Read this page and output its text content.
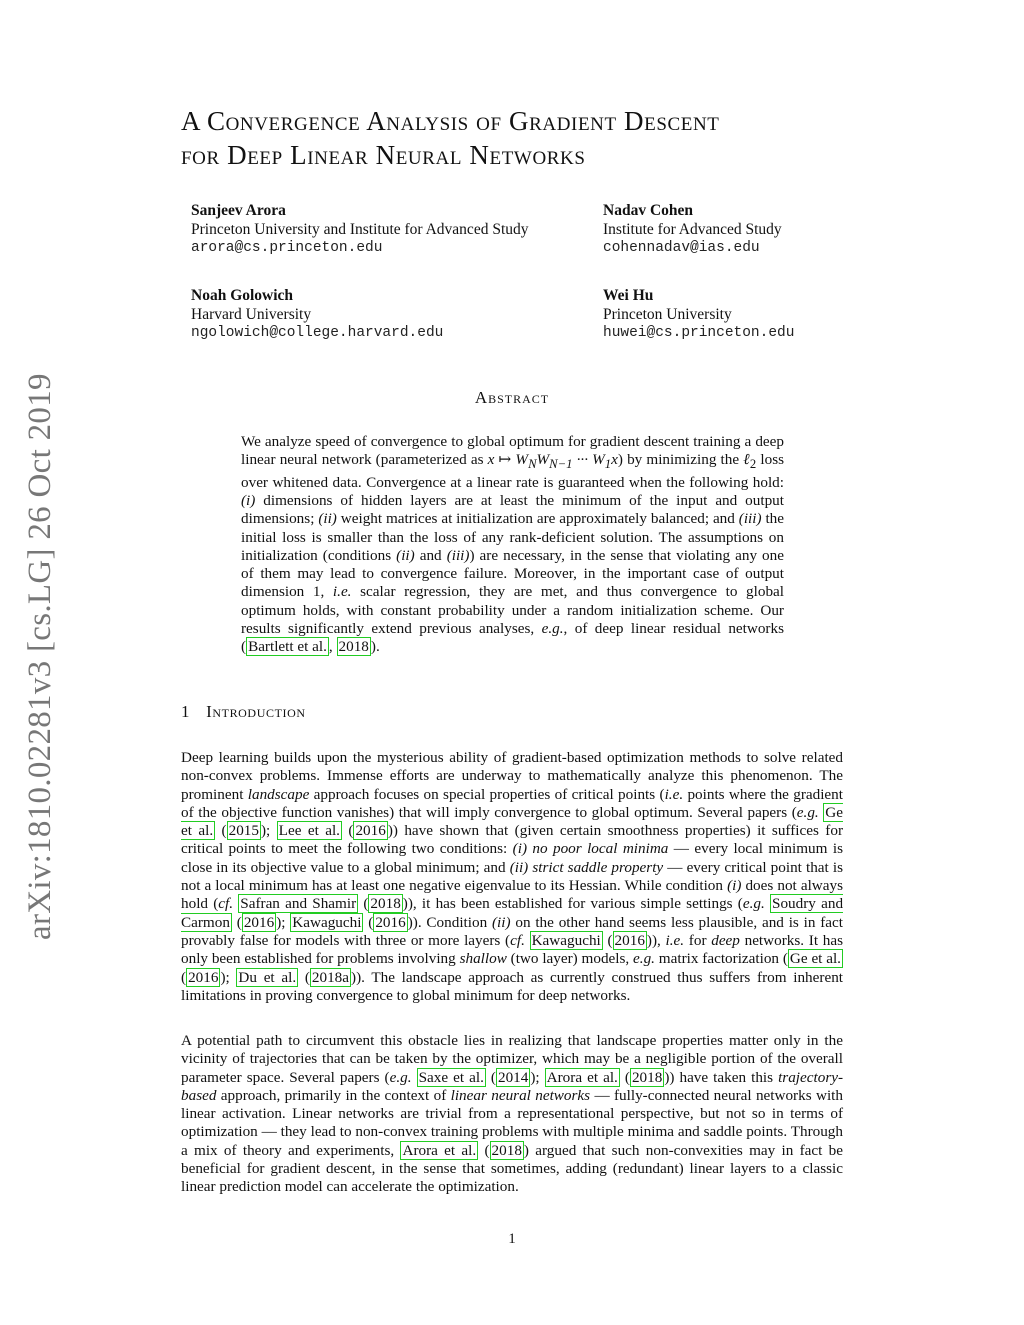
arXiv:1810.02281v3 [cs.LG] 26 Oct 2019
A Convergence Analysis of Gradient Descent
for Deep Linear Neural Networks
Sanjeev Arora
Princeton University and Institute for Advanced Study
arora@cs.princeton.edu
Nadav Cohen
Institute for Advanced Study
cohennadav@ias.edu
Noah Golowich
Harvard University
ngolowich@college.harvard.edu
Wei Hu
Princeton University
huwei@cs.princeton.edu
Abstract

We analyze speed of convergence to global optimum for gradient descent training a deep linear neural network (parameterized as x ↦ $W_NW_{N-1}$ ··· $W_1x$) by minimizing the ℓ$_2$ loss over whitened data. Convergence at a linear rate is guaranteed when the following hold: (i) dimensions of hidden layers are at least the minimum of the input and output dimensions; (ii) weight matrices at initialization are approximately balanced; and (iii) the initial loss is smaller than the loss of any rank-deficient solution. The assumptions on initialization (conditions (ii) and (iii)) are necessary, in the sense that violating any one of them may lead to convergence failure. Moreover, in the important case of output dimension 1, i.e. scalar regression, they are met, and thus convergence to global optimum holds, with constant probability under a random initialization scheme. Our results significantly extend previous analyses, e.g., of deep linear residual networks ( Bartlett et al. , 2018 ).

1 Introduction

Deep learning builds upon the mysterious ability of gradient-based optimization methods to solve related non-convex problems. Immense efforts are underway to mathematically analyze this phenomenon. The prominent landscape approach focuses on special properties of critical points (i.e. points where the gradient of the objective function vanishes) that will imply convergence to global optimum. Several papers (e.g. Ge et al. ( 2015 ); Lee et al. ( 2016 )) have shown that (given certain smoothness properties) it suffices for critical points to meet the following two conditions: (i) no poor local minima — every local minimum is close in its objective value to a global minimum; and (ii) strict saddle property — every critical point that is not a local minimum has at least one negative eigenvalue to its Hessian. While condition (i) does not always hold (cf. Safran and Shamir ( 2018 )), it has been established for various simple settings (e.g. Soudry and Carmon ( 2016 ); Kawaguchi ( 2016 )). Condition (ii) on the other hand seems less plausible, and is in fact provably false for models with three or more layers (cf. Kawaguchi ( 2016 )), i.e. for deep networks. It has only been established for problems involving shallow (two layer) models, e.g. matrix factorization ( Ge et al. ( 2016 ); Du et al. ( 2018a )). The landscape approach as currently construed thus suffers from inherent limitations in proving convergence to global minimum for deep networks.

A potential path to circumvent this obstacle lies in realizing that landscape properties matter only in the vicinity of trajectories that can be taken by the optimizer, which may be a negligible portion of the overall parameter space. Several papers (e.g. Saxe et al. ( 2014 ); Arora et al. ( 2018 )) have taken this trajectory-based approach, primarily in the context of linear neural networks — fully-connected neural networks with linear activation. Linear networks are trivial from a representational perspective, but not so in terms of optimization — they lead to non-convex training problems with multiple minima and saddle points. Through a mix of theory and experiments, Arora et al. ( 2018 ) argued that such non-convexities may in fact be beneficial for gradient descent, in the sense that sometimes, adding (redundant) linear layers to a classic linear prediction model can accelerate the optimization.

1
